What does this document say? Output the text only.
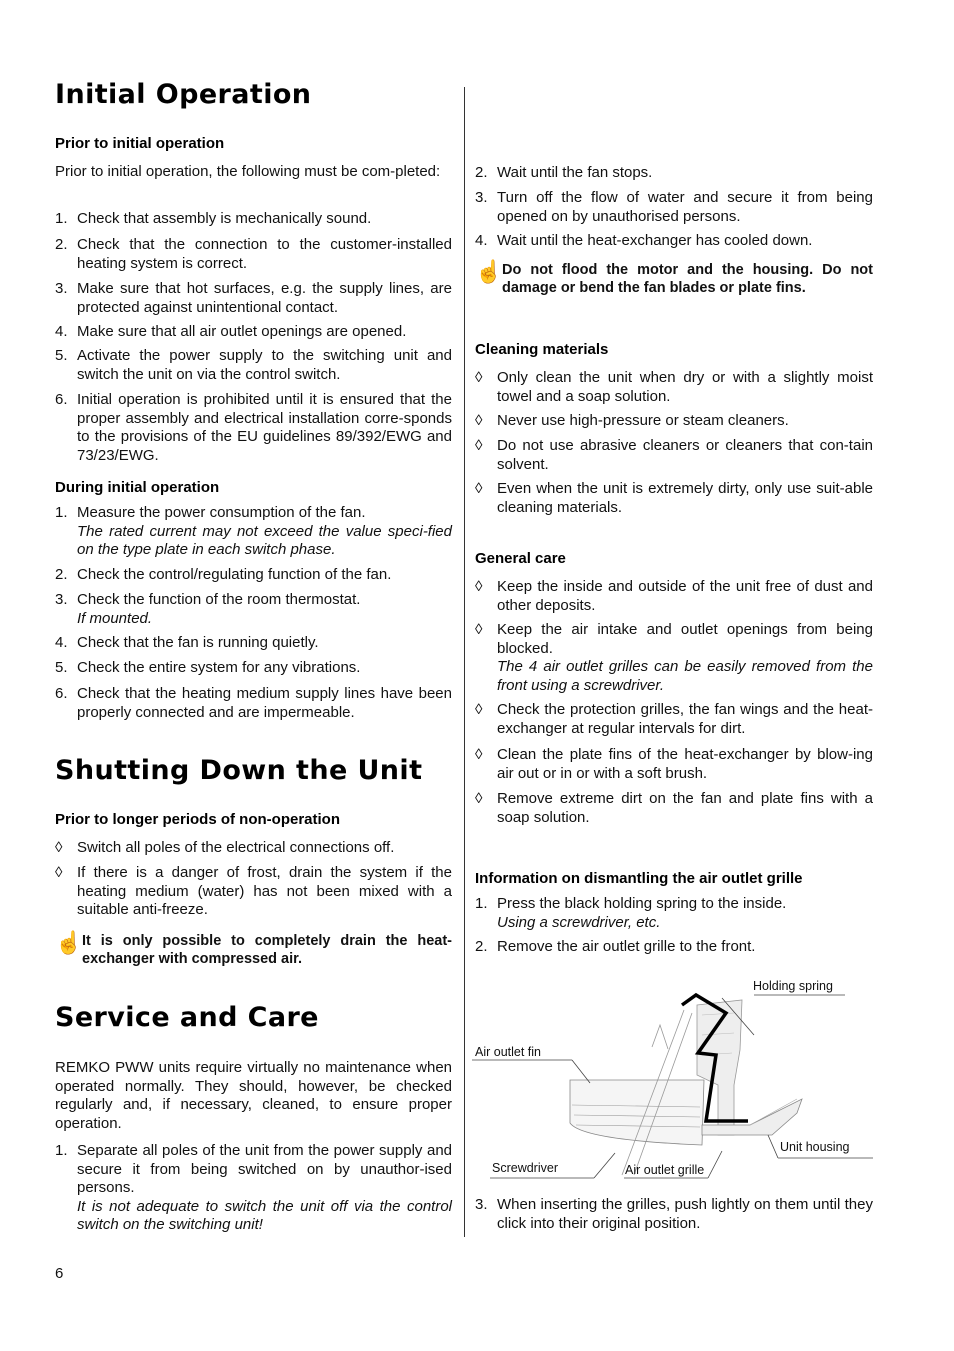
Initial Operation
Prior to initial operation
Prior to initial operation, the following must be com-pleted:
1. Check that assembly is mechanically sound.
2. Check that the connection to the customer-installed heating system is correct.
3. Make sure that hot surfaces, e.g. the supply lines, are protected against unintentional contact.
4. Make sure that all air outlet openings are opened.
5. Activate the power supply to the switching unit and switch the unit on via the control switch.
6. Initial operation is prohibited until it is ensured that the proper assembly and electrical installation corre-sponds to the provisions of the EU guidelines 89/392/EWG and 73/23/EWG.
During initial operation
1. Measure the power consumption of the fan.
The rated current may not exceed the value speci-fied on the type plate in each switch phase.
2. Check the control/regulating function of the fan.
3. Check the function of the room thermostat.
If mounted.
4. Check that the fan is running quietly.
5. Check the entire system for any vibrations.
6. Check that the heating medium supply lines have been properly connected and are impermeable.
Shutting Down the Unit
Prior to longer periods of non-operation
◊ Switch all poles of the electrical connections off.
◊ If there is a danger of frost, drain the system if the heating medium (water) has not been mixed with a suitable anti-freeze.
☝ It is only possible to completely drain the heat-exchanger with compressed air.
Service and Care
REMKO PWW units require virtually no maintenance when operated normally. They should, however, be checked regularly and, if necessary, cleaned, to ensure proper operation.
1. Separate all poles of the unit from the power supply and secure it from being switched on by unauthor-ised persons.
It is not adequate to switch the unit off via the control switch on the switching unit!
6
2. Wait until the fan stops.
3. Turn off the flow of water and secure it from being opened on by unauthorised persons.
4. Wait until the heat-exchanger has cooled down.
☝ Do not flood the motor and the housing. Do not damage or bend the fan blades or plate fins.
Cleaning materials
◊ Only clean the unit when dry or with a slightly moist towel and a soap solution.
◊ Never use high-pressure or steam cleaners.
◊ Do not use abrasive cleaners or cleaners that con-tain solvent.
◊ Even when the unit is extremely dirty, only use suit-able cleaning materials.
General care
◊ Keep the inside and outside of the unit free of dust and other deposits.
◊ Keep the air intake and outlet openings from being blocked.
The 4 air outlet grilles can be easily removed from the front using a screwdriver.
◊ Check the protection grilles, the fan wings and the heat-exchanger at regular intervals for dirt.
◊ Clean the plate fins of the heat-exchanger by blow-ing air out or in or with a soft brush.
◊ Remove extreme dirt on the fan and plate fins with a soap solution.
Information on dismantling the air outlet grille
1. Press the black holding spring to the inside.
Using a screwdriver, etc.
2. Remove the air outlet grille to the front.
Holding spring
Air outlet fin
Unit housing
Screwdriver	Air outlet grille
3. When inserting the grilles, push lightly on them until they click into their original position.
